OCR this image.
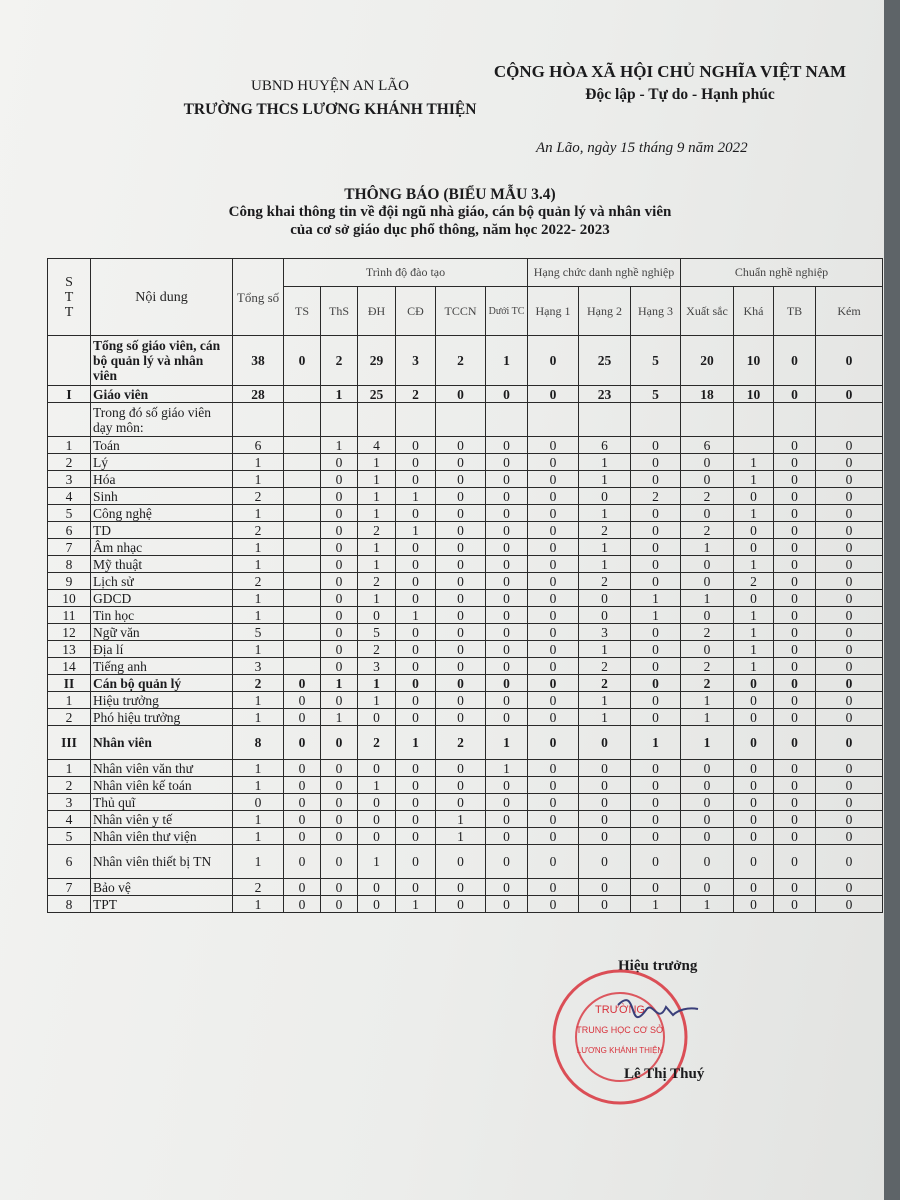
UBND HUYỆN AN LÃO
TRƯỜNG THCS LƯƠNG KHÁNH THIỆN
CỘNG HÒA XÃ HỘI CHỦ NGHĨA VIỆT NAM
Độc lập - Tự do - Hạnh phúc
An Lão, ngày 15 tháng 9 năm 2022
THÔNG BÁO (BIỂU MẪU 3.4)
Công khai thông tin về đội ngũ nhà giáo, cán bộ quản lý và nhân viên
của cơ sở giáo dục phổ thông, năm học 2022- 2023
S T T	Nội dung	Tổng số	Trình độ đào tạo						Hạng chức danh nghề nghiệp			Chuẩn nghề nghiệp			
			TS	ThS	ĐH	CĐ	TCCN	Dưới TC	Hạng 1	Hạng 2	Hạng 3	Xuất sắc	Khá	TB	Kém
	Tổng số giáo viên, cán bộ quản lý và nhân viên	38	0	2	29	3	2	1	0	25	5	20	10	0	0
I	Giáo viên	28		1	25	2	0	0	0	23	5	18	10	0	0
	Trong đó số giáo viên dạy môn:														
1	Toán	6		1	4	0	0	0	0	6	0	6		0	0
2	Lý	1		0	1	0	0	0	0	1	0	0	1	0	0
3	Hóa	1		0	1	0	0	0	0	1	0	0	1	0	0
4	Sinh	2		0	1	1	0	0	0	0	2	2	0	0	0
5	Công nghệ	1		0	1	0	0	0	0	1	0	0	1	0	0
6	TD	2		0	2	1	0	0	0	2	0	2	0	0	0
7	Âm nhạc	1		0	1	0	0	0	0	1	0	1	0	0	0
8	Mỹ thuật	1		0	1	0	0	0	0	1	0	0	1	0	0
9	Lịch sử	2		0	2	0	0	0	0	2	0	0	2	0	0
10	GDCD	1		0	1	0	0	0	0	0	1	1	0	0	0
11	Tin học	1		0	0	1	0	0	0	0	1	0	1	0	0
12	Ngữ văn	5		0	5	0	0	0	0	3	0	2	1	0	0
13	Địa lí	1		0	2	0	0	0	0	1	0	0	1	0	0
14	Tiếng anh	3		0	3	0	0	0	0	2	0	2	1	0	0
II	Cán bộ quản lý	2	0	1	1	0	0	0	0	2	0	2	0	0	0
1	Hiệu trưởng	1	0	0	1	0	0	0	0	1	0	1	0	0	0
2	Phó hiệu trưởng	1	0	1	0	0	0	0	0	1	0	1	0	0	0
III	Nhân viên	8	0	0	2	1	2	1	0	0	1	1	0	0	0
1	Nhân viên văn thư	1	0	0	0	0	0	1	0	0	0	0	0	0	0
2	Nhân viên kế toán	1	0	0	1	0	0	0	0	0	0	0	0	0	0
3	Thủ quĩ	0	0	0	0	0	0	0	0	0	0	0	0	0	0
4	Nhân viên y tế	1	0	0	0	0	1	0	0	0	0	0	0	0	0
5	Nhân viên thư viện	1	0	0	0	0	1	0	0	0	0	0	0	0	0
6	Nhân viên thiết bị TN	1	0	0	1	0	0	0	0	0	0	0	0	0	0
7	Bảo vệ	2	0	0	0	0	0	0	0	0	0	0	0	0	0
8	TPT	1	0	0	0	1	0	0	0	0	1	1	0	0	0
Hiệu trưởng
TRƯỜNG
TRUNG HỌC CƠ SỞ
LƯƠNG KHÁNH THIỆN
Lê Thị Thuý
